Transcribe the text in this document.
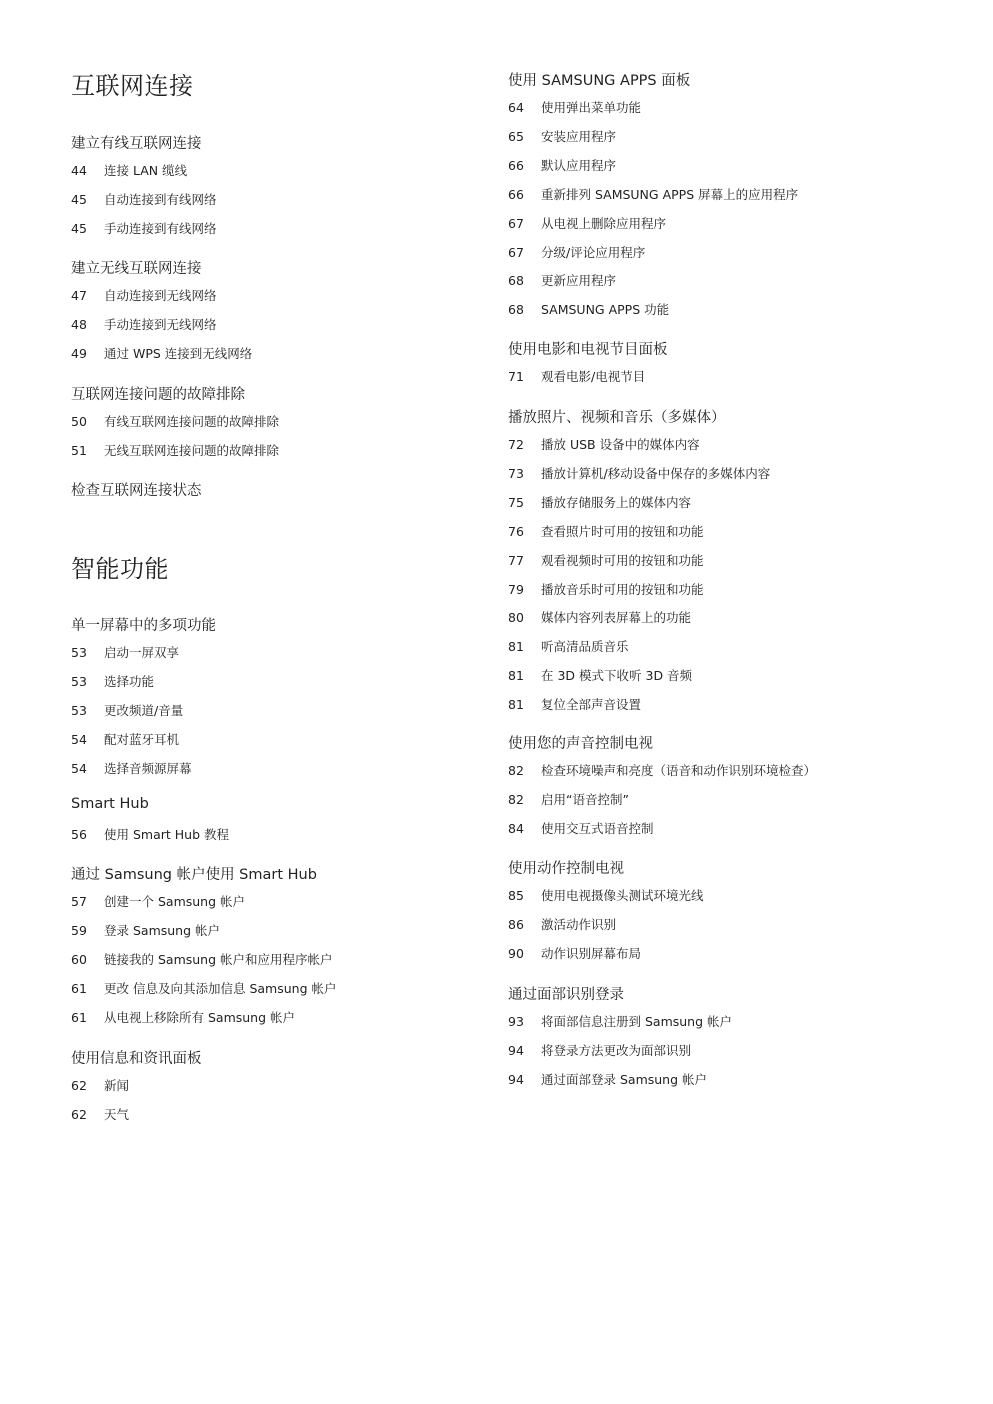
互联网连接
建立有线互联网连接
44 连接 LAN 缆线
45 自动连接到有线网络
45 手动连接到有线网络
建立无线互联网连接
47 自动连接到无线网络
48 手动连接到无线网络
49 通过 WPS 连接到无线网络
互联网连接问题的故障排除
50 有线互联网连接问题的故障排除
51 无线互联网连接问题的故障排除
检查互联网连接状态
智能功能
单一屏幕中的多项功能
53 启动一屏双享
53 选择功能
53 更改频道/音量
54 配对蓝牙耳机
54 选择音频源屏幕
Smart Hub
56 使用 Smart Hub 教程
通过 Samsung 帐户使用 Smart Hub
57 创建一个 Samsung 帐户
59 登录 Samsung 帐户
60 链接我的 Samsung 帐户和应用程序帐户
61 更改 信息及向其添加信息 Samsung 帐户
61 从电视上移除所有 Samsung 帐户
使用信息和资讯面板
62 新闻
62 天气
使用 SAMSUNG APPS 面板
64 使用弹出菜单功能
65 安装应用程序
66 默认应用程序
66 重新排列 SAMSUNG APPS 屏幕上的应用程序
67 从电视上删除应用程序
67 分级/评论应用程序
68 更新应用程序
68 SAMSUNG APPS 功能
使用电影和电视节目面板
71 观看电影/电视节目
播放照片、视频和音乐（多媒体）
72 播放 USB 设备中的媒体内容
73 播放计算机/移动设备中保存的多媒体内容
75 播放存储服务上的媒体内容
76 查看照片时可用的按钮和功能
77 观看视频时可用的按钮和功能
79 播放音乐时可用的按钮和功能
80 媒体内容列表屏幕上的功能
81 听高清品质音乐
81 在 3D 模式下收听 3D 音频
81 复位全部声音设置
使用您的声音控制电视
82 检查环境噪声和亮度（语音和动作识别环境检查）
82 启用“语音控制”
84 使用交互式语音控制
使用动作控制电视
85 使用电视摄像头测试环境光线
86 激活动作识别
90 动作识别屏幕布局
通过面部识别登录
93 将面部信息注册到 Samsung 帐户
94 将登录方法更改为面部识别
94 通过面部登录 Samsung 帐户
